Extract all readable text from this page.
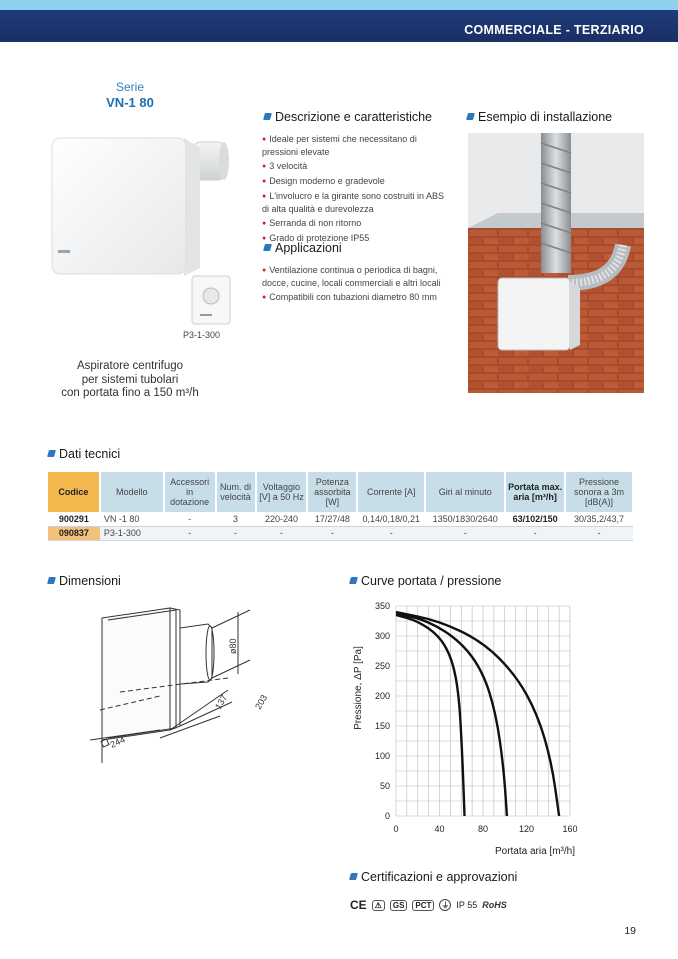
COMMERCIALE - TERZIARIO
Serie
VN-1 80
P3-1-300
Aspiratore centrifugo
per sistemi tubolari
con portata fino a 150 m³/h
Descrizione e caratteristiche
● Ideale per sistemi che necessitano di pressioni elevate
● 3 velocità
● Design moderno e gradevole
● L'involucro e la girante sono costruiti in ABS di alta qualità e durevolezza
● Serranda di non ritorno
● Grado di protezione IP55
Applicazioni
● Ventilazione continua o periodica di bagni, docce, cucine, locali commerciali e altri locali
● Compatibili con tubazioni diametro 80 mm
Esempio di installazione
Dati tecnici
Codice	Modello	Accessori in dotazione	Num. di velocità	Voltaggio [V] a 50 Hz	Potenza assorbita [W]	Corrente [A]	Giri al minuto	Portata max. aria [m³/h]	Pressione sonora a 3m [dB(A)]
900291	VN -1 80	-	3	220-240	17/27/48	0,14/0,18/0,21	1350/1830/2640	63/102/150	30/35,2/43,7
090837	P3-1-300	-	-	-	-	-	-	-	-
Dimensioni
ø80
137	203
244
Curve portata / pressione
0	40	80	120	160
0
50
100
150
200
250
300
350
Portata aria [m³/h]
Pressione, ΔP [Pa]
Certificazioni e approvazioni
CE	⚠	GS	PCT	⏚ IP 55 RoHS
19
